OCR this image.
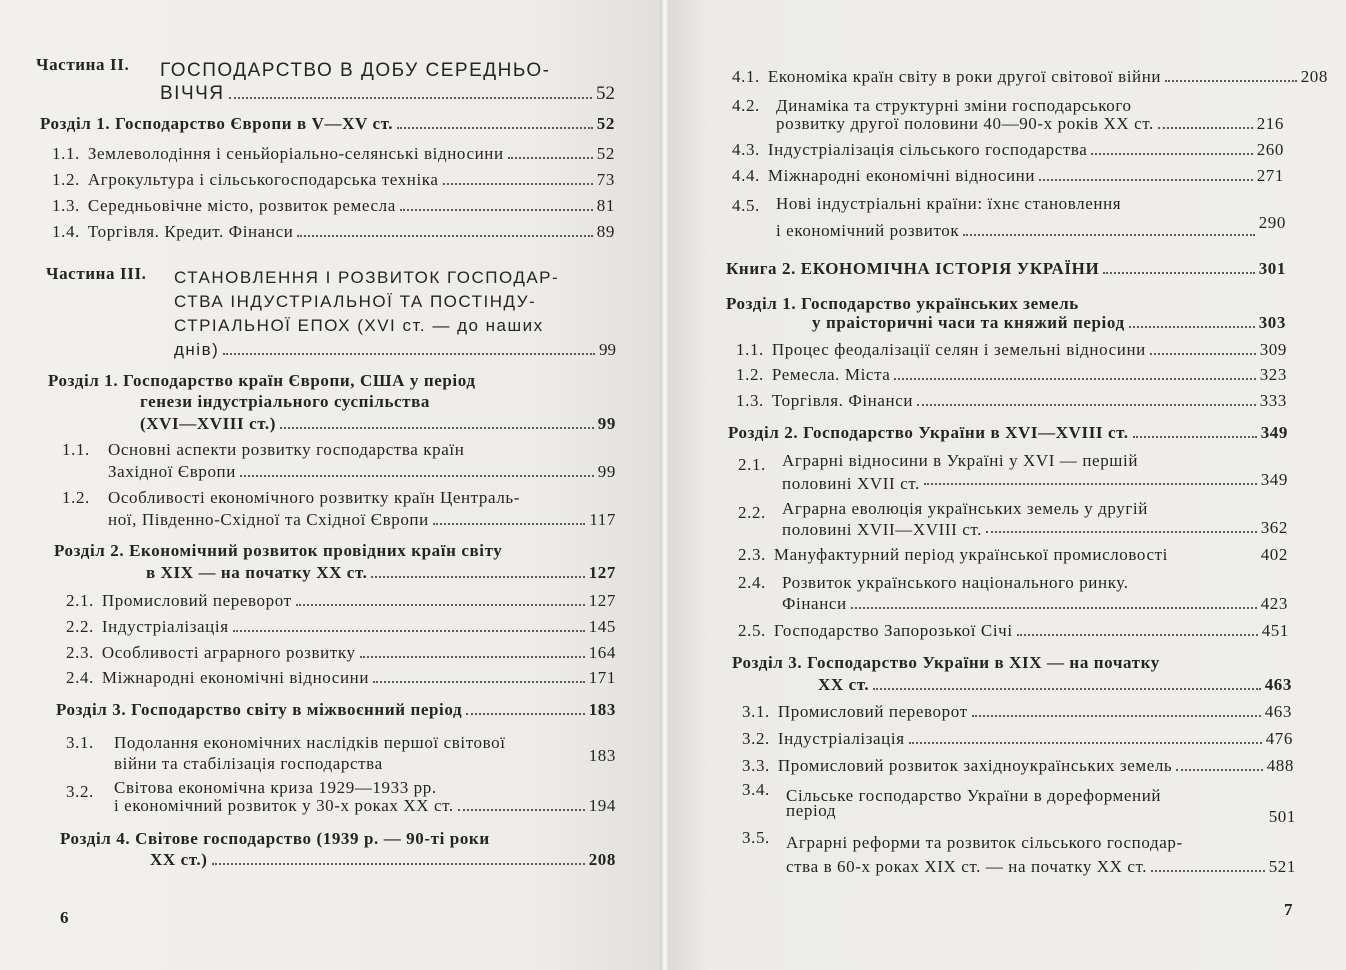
Частина II. ГОСПОДАРСТВО В ДОБУ СЕРЕДНЬО-
ВІЧЧЯ	52
Розділ 1. Господарство Європи в V—XV ст.	52
1.1. Землеволодіння і сеньйоріально-селянські відносини	52
1.2. Агрокультура і сільськогосподарська техніка	73
1.3. Середньовічне місто, розвиток ремесла	81
1.4. Торгівля. Кредит. Фінанси	89
Частина III. СТАНОВЛЕННЯ І РОЗВИТОК ГОСПОДАР-
СТВА ІНДУСТРІАЛЬНОЇ ТА ПОСТІНДУ-
СТРІАЛЬНОЇ ЕПОХ (XVI ст. — до наших
днів)	99
Розділ 1. Господарство країн Європи, США у період
генези індустріального суспільства
(XVI—XVIII ст.)	99
1.1. Основні аспекти розвитку господарства країн
Західної Європи	99
1.2. Особливості економічного розвитку країн Централь-
ної, Південно-Східної та Східної Європи	117
Розділ 2. Економічний розвиток провідних країн світу
в XIX — на початку XX ст.	127
2.1. Промисловий переворот	127
2.2. Індустріалізація	145
2.3. Особливості аграрного розвитку	164
2.4. Міжнародні економічні відносини	171
Розділ 3. Господарство світу в міжвоєнний період	183
3.1. Подолання економічних наслідків першої світової
війни та стабілізація господарства	183
3.2. Світова економічна криза 1929—1933 рр.
і економічний розвиток у 30-х роках XX ст.	194
Розділ 4. Світове господарство (1939 р. — 90-ті роки
XX ст.)	208
6
4.1. Економіка країн світу в роки другої світової війни	208
4.2. Динаміка та структурні зміни господарського
розвитку другої половини 40—90-х років XX ст.	216
4.3. Індустріалізація сільського господарства	260
4.4. Міжнародні економічні відносини	271
4.5. Нові індустріальні країни: їхнє становлення
і економічний розвиток	290
Книга 2. ЕКОНОМІЧНА ІСТОРІЯ УКРАЇНИ	301
Розділ 1. Господарство українських земель
у праісторичні часи та княжий період	303
1.1. Процес феодалізації селян і земельні відносини	309
1.2. Ремесла. Міста	323
1.3. Торгівля. Фінанси	333
Розділ 2. Господарство України в XVI—XVIII ст.	349
2.1. Аграрні відносини в Україні у XVI — першій
половині XVII ст.	349
2.2. Аграрна еволюція українських земель у другій
половині XVII—XVIII ст.	362
2.3. Мануфактурний період української промисловості	402
2.4. Розвиток українського національного ринку.
Фінанси	423
2.5. Господарство Запорозької Січі	451
Розділ 3. Господарство України в XIX — на початку
XX ст.	463
3.1. Промисловий переворот	463
3.2. Індустріалізація	476
3.3. Промисловий розвиток західноукраїнських земель	488
3.4. Сільське господарство України в дореформений
період	501
3.5. Аграрні реформи та розвиток сільського господар-
ства в 60-х роках XIX ст. — на початку XX ст.	521
7
